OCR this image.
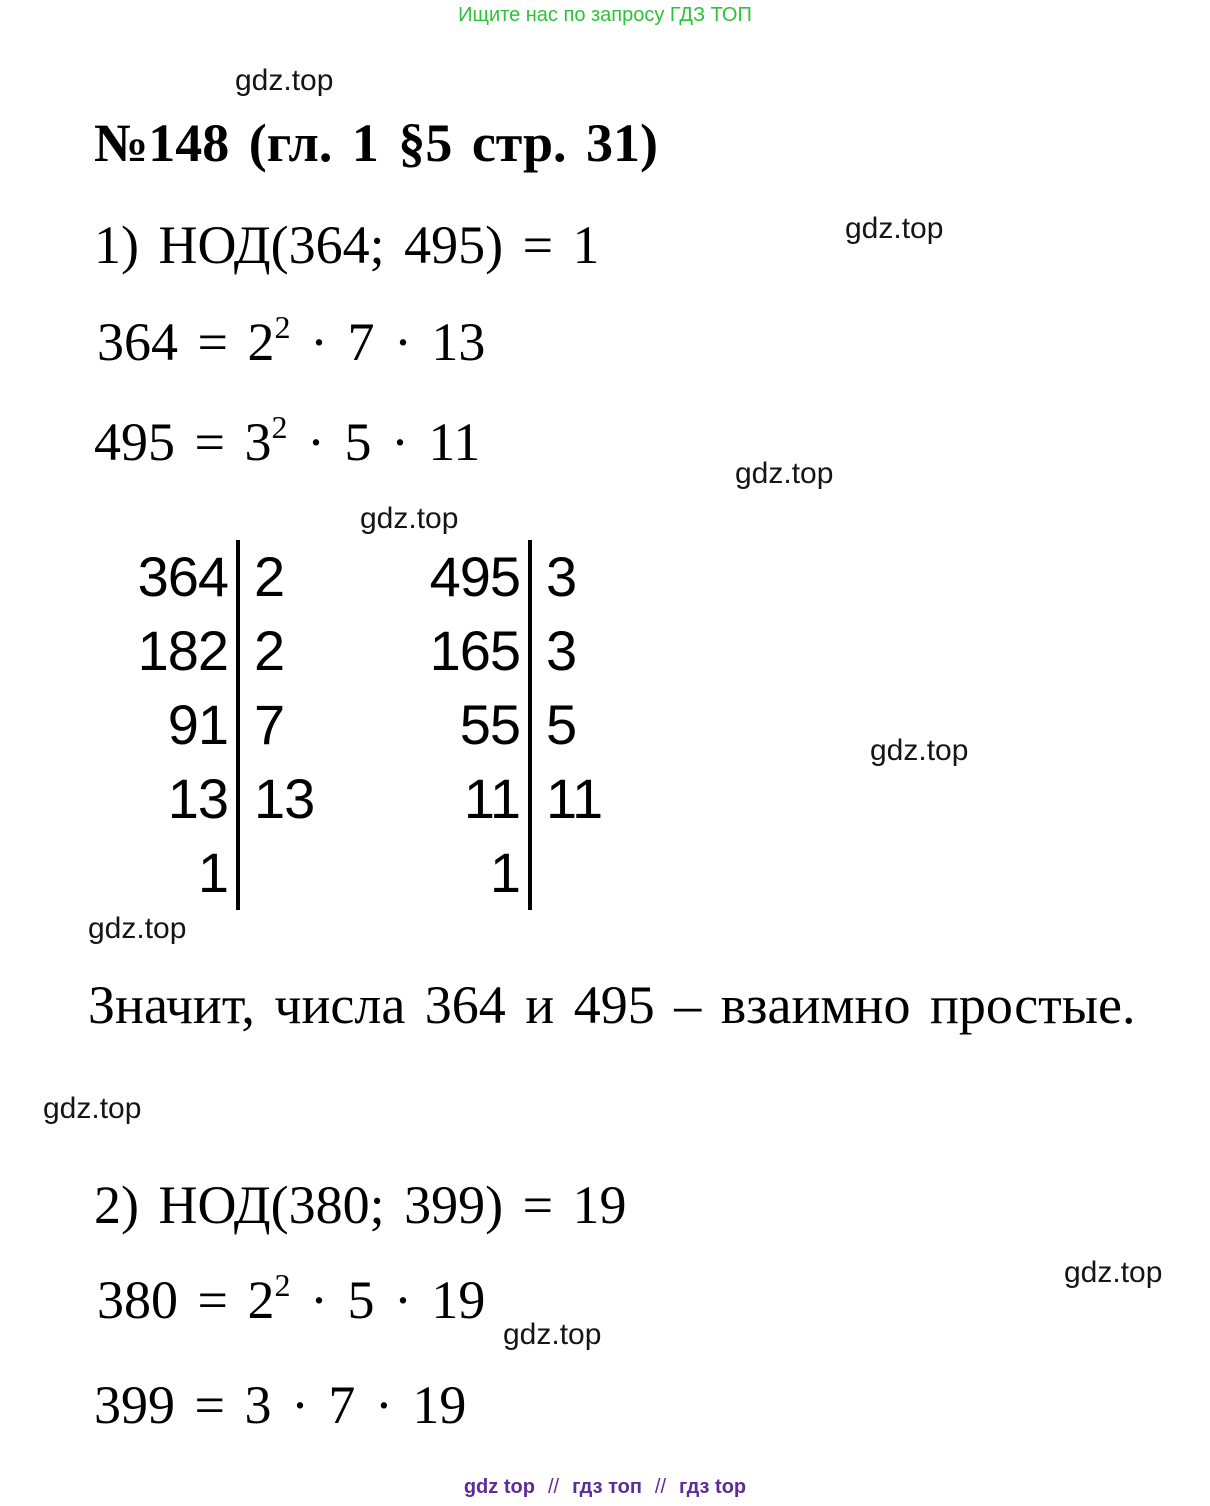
Ищите нас по запросу ГДЗ ТОП
gdz.top
gdz.top
gdz.top
gdz.top
gdz.top
gdz.top
gdz.top
gdz.top
gdz.top
№148 (гл. 1 §5 стр. 31)
1) НОД(364; 495) = 1
$364 = 2^2 \cdot 7 \cdot 13$
$495 = 3^2 \cdot 5 \cdot 11$
364 2
182 2
91 7
13 13
1
495 3
165 3
55 5
11 11
1
Значит, числа 364 и 495 – взаимно простые.
2) НОД(380; 399) = 19
$380 = 2^2 \cdot 5 \cdot 19$
399 = 3 · 7 · 19
gdz top // гдз топ // гдз top
